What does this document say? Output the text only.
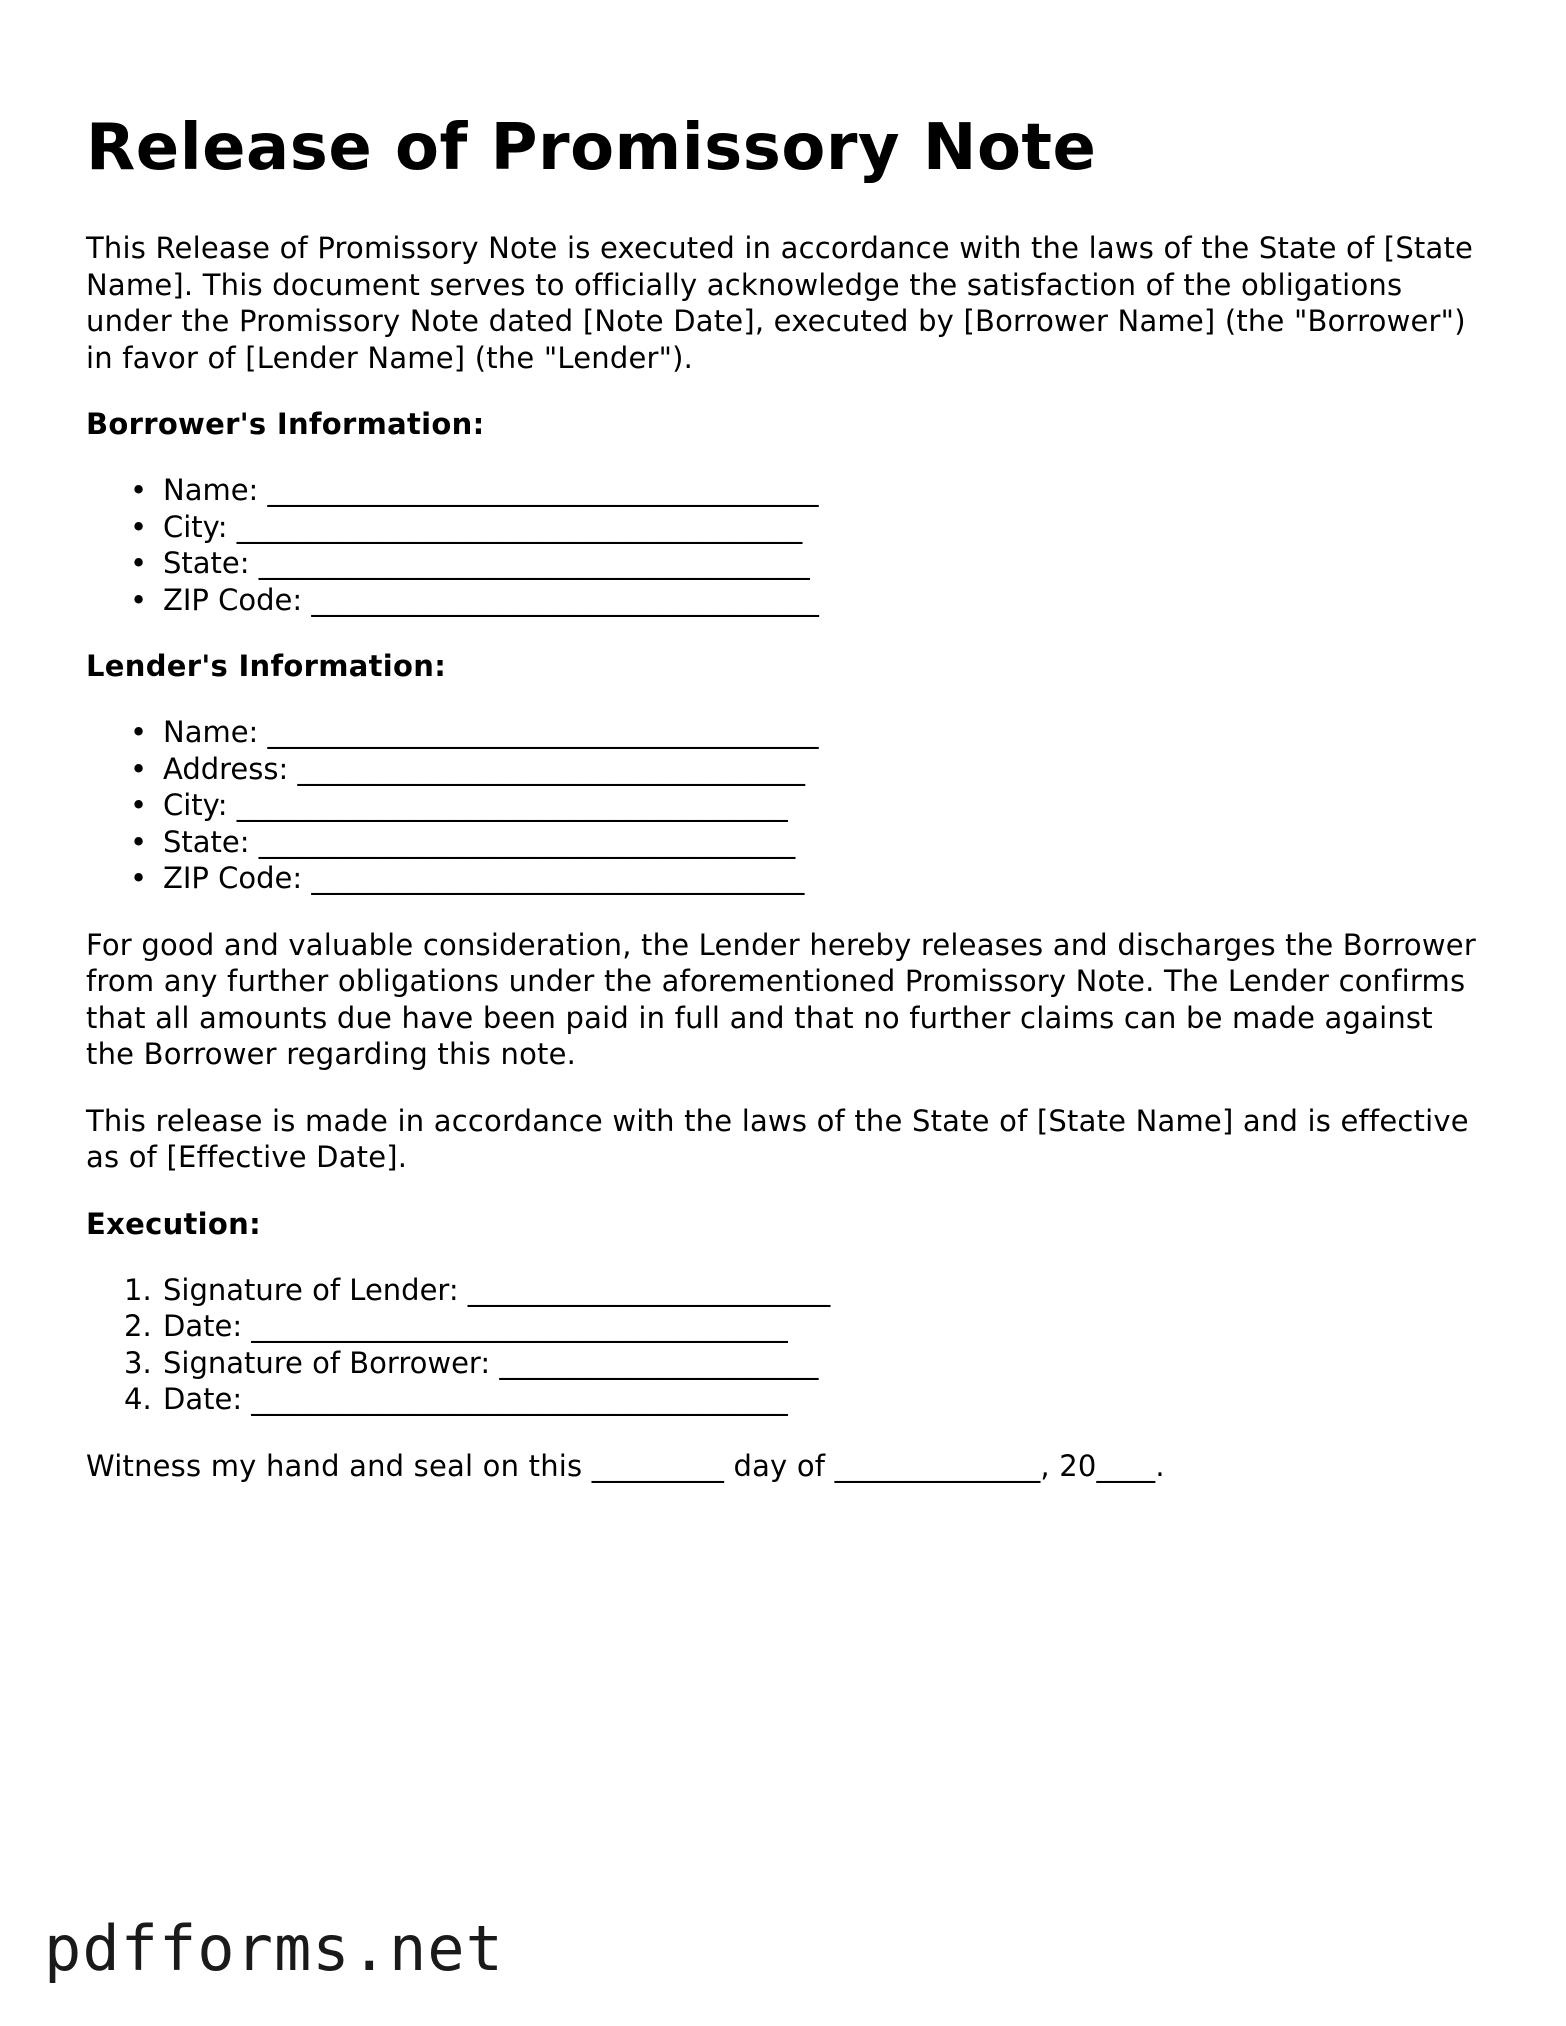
Release of Promissory Note

This Release of Promissory Note is executed in accordance with the laws of the State of [State Name]. This document serves to officially acknowledge the satisfaction of the obligations under the Promissory Note dated [Note Date], executed by [Borrower Name] (the "Borrower") in favor of [Lender Name] (the "Lender").

Borrower's Information:
• Name: ______________________________________
• City: _______________________________________
• State: ______________________________________
• ZIP Code: ___________________________________
Lender's Information:
• Name: ______________________________________
• Address: ___________________________________
• City: ______________________________________
• State: _____________________________________
• ZIP Code: __________________________________

For good and valuable consideration, the Lender hereby releases and discharges the Borrower from any further obligations under the aforementioned Promissory Note. The Lender confirms that all amounts due have been paid in full and that no further claims can be made against the Borrower regarding this note.

This release is made in accordance with the laws of the State of [State Name] and is effective as of [Effective Date].

Execution:
1. Signature of Lender: _________________________
2. Date: _____________________________________
3. Signature of Borrower: ______________________
4. Date: _____________________________________

Witness my hand and seal on this _________ day of ______________, 20____.

pdfforms.net
